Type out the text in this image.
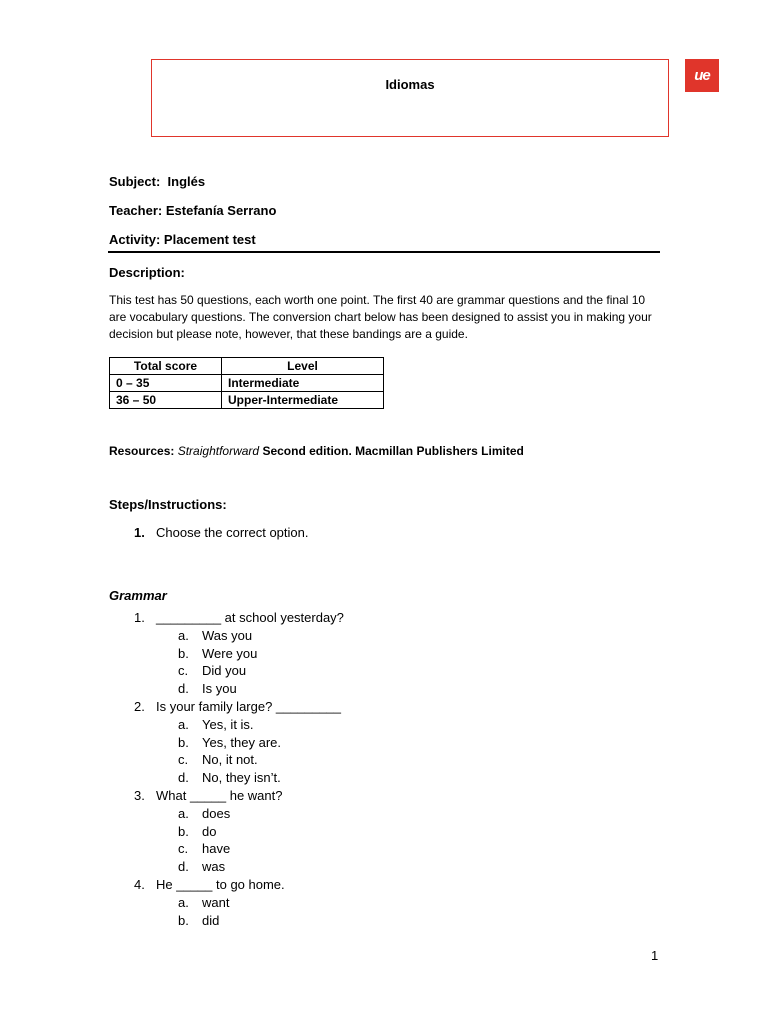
Idiomas
ue
Subject: Inglés
Teacher: Estefanía Serrano
Activity: Placement test
Description:
This test has 50 questions, each worth one point. The first 40 are grammar questions and the final 10 are vocabulary questions. The conversion chart below has been designed to assist you in making your decision but please note, however, that these bandings are a guide.
Total score	Level
0 – 35	Intermediate
36 – 50	Upper-Intermediate
Resources: Straightforward Second edition. Macmillan Publishers Limited
Steps/Instructions:
1. Choose the correct option.
Grammar
1. _________ at school yesterday?
a. Was you
b. Were you
c. Did you
d. Is you
2. Is your family large? _________
a. Yes, it is.
b. Yes, they are.
c. No, it not.
d. No, they isn’t.
3. What _____ he want?
a. does
b. do
c. have
d. was
4. He _____ to go home.
a. want
b. did
1
